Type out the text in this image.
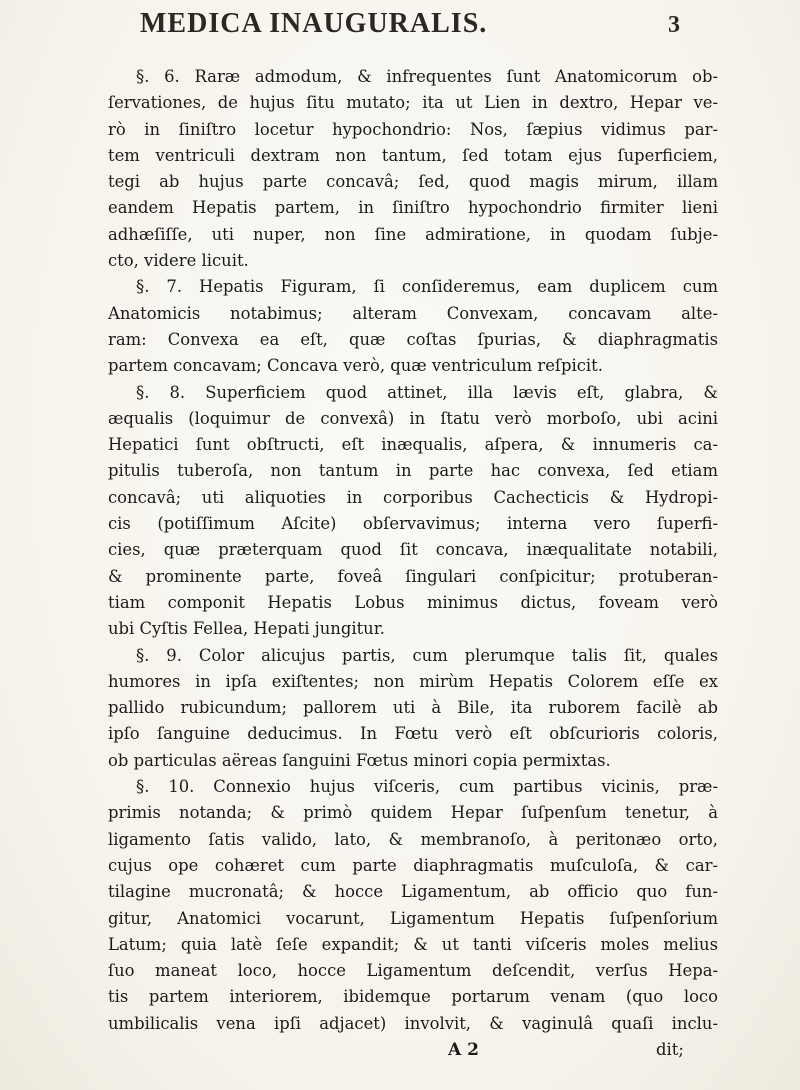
MEDICA INAUGURALIS.	3
§. 6. Raræ admodum, & infrequentes ſunt Anatomicorum ob-
ſervationes, de hujus ſitu mutato; ita ut Lien in dextro, Hepar ve-
rò in ſiniſtro locetur hypochondrio: Nos, ſæpius vidimus par-
tem ventriculi dextram non tantum, ſed totam ejus ſuperficiem,
tegi ab hujus parte concavâ; ſed, quod magis mirum, illam
eandem Hepatis partem, in ſiniſtro hypochondrio firmiter lieni
adhæſiſſe, uti nuper, non ſine admiratione, in quodam ſubje-
cto, videre licuit.
§. 7. Hepatis Figuram, ſi conſideremus, eam duplicem cum
Anatomicis notabimus; alteram Convexam, concavam alte-
ram: Convexa ea eſt, quæ coſtas ſpurias, & diaphragmatis
partem concavam; Concava verò, quæ ventriculum reſpicit.
§. 8. Superficiem quod attinet, illa lævis eſt, glabra, &
æqualis (loquimur de convexâ) in ſtatu verò morboſo, ubi acini
Hepatici ſunt obſtructi, eſt inæqualis, aſpera, & innumeris ca-
pitulis tuberoſa, non tantum in parte hac convexa, ſed etiam
concavâ; uti aliquoties in corporibus Cachecticis & Hydropi-
cis (potiſſimum Aſcite) obſervavimus; interna vero ſuperfi-
cies, quæ præterquam quod ſit concava, inæqualitate notabili,
& prominente parte, foveâ ſingulari conſpicitur; protuberan-
tiam componit Hepatis Lobus minimus dictus, foveam verò
ubi Cyſtis Fellea, Hepati jungitur.
§. 9. Color alicujus partis, cum plerumque talis ſit, quales
humores in ipſa exiſtentes; non mirùm Hepatis Colorem eſſe ex
pallido rubicundum; pallorem uti à Bile, ita ruborem facilè ab
ipſo ſanguine deducimus. In Fœtu verò eſt obſcurioris coloris,
ob particulas aëreas ſanguini Fœtus minori copia permixtas.
§. 10. Connexio hujus viſceris, cum partibus vicinis, præ-
primis notanda; & primò quidem Hepar ſuſpenſum tenetur, à
ligamento ſatis valido, lato, & membranoſo, à peritonæo orto,
cujus ope cohæret cum parte diaphragmatis muſculoſa, & car-
tilagine mucronatâ; & hocce Ligamentum, ab officio quo fun-
gitur, Anatomici vocarunt, Ligamentum Hepatis ſuſpenſorium
Latum; quia latè ſeſe expandit; & ut tanti viſceris moles melius
ſuo maneat loco, hocce Ligamentum deſcendit, verſus Hepa-
tis partem interiorem, ibidemque portarum venam (quo loco
umbilicalis vena ipſi adjacet) involvit, & vaginulâ quaſi inclu-
A 2	dit;
